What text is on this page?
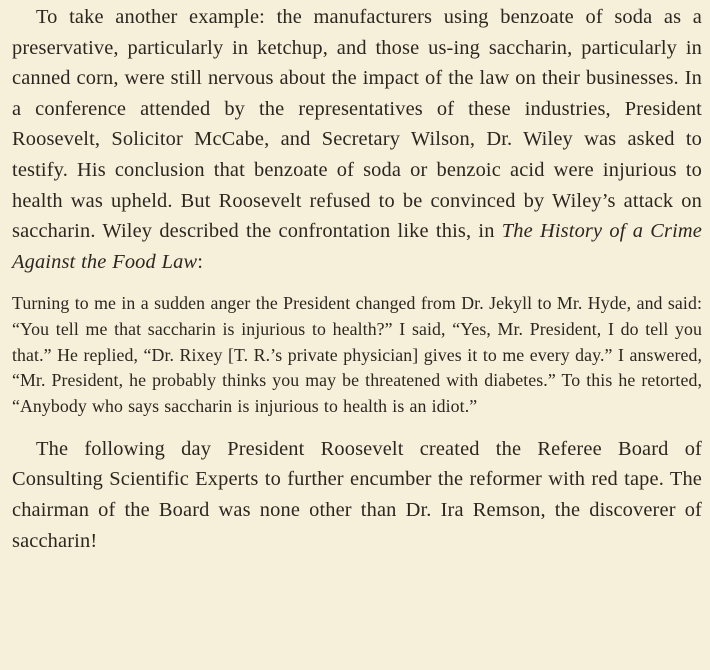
To take another example: the manufacturers using benzoate of soda as a preservative, particularly in ketchup, and those us-ing saccharin, particularly in canned corn, were still nervous about the impact of the law on their businesses. In a conference attended by the representatives of these industries, President Roosevelt, Solicitor McCabe, and Secretary Wilson, Dr. Wiley was asked to testify. His conclusion that benzoate of soda or benzoic acid were injurious to health was upheld. But Roosevelt refused to be convinced by Wiley’s attack on saccharin. Wiley described the confrontation like this, in The History of a Crime Against the Food Law:

Turning to me in a sudden anger the President changed from Dr. Jekyll to Mr. Hyde, and said: “You tell me that saccharin is injurious to health?” I said, “Yes, Mr. President, I do tell you that.” He replied, “Dr. Rixey [T. R.’s private physician] gives it to me every day.” I answered, “Mr. President, he probably thinks you may be threatened with diabetes.” To this he retorted, “Anybody who says saccharin is injurious to health is an idiot.”

The following day President Roosevelt created the Referee Board of Consulting Scientific Experts to further encumber the reformer with red tape. The chairman of the Board was none other than Dr. Ira Remson, the discoverer of saccharin!
